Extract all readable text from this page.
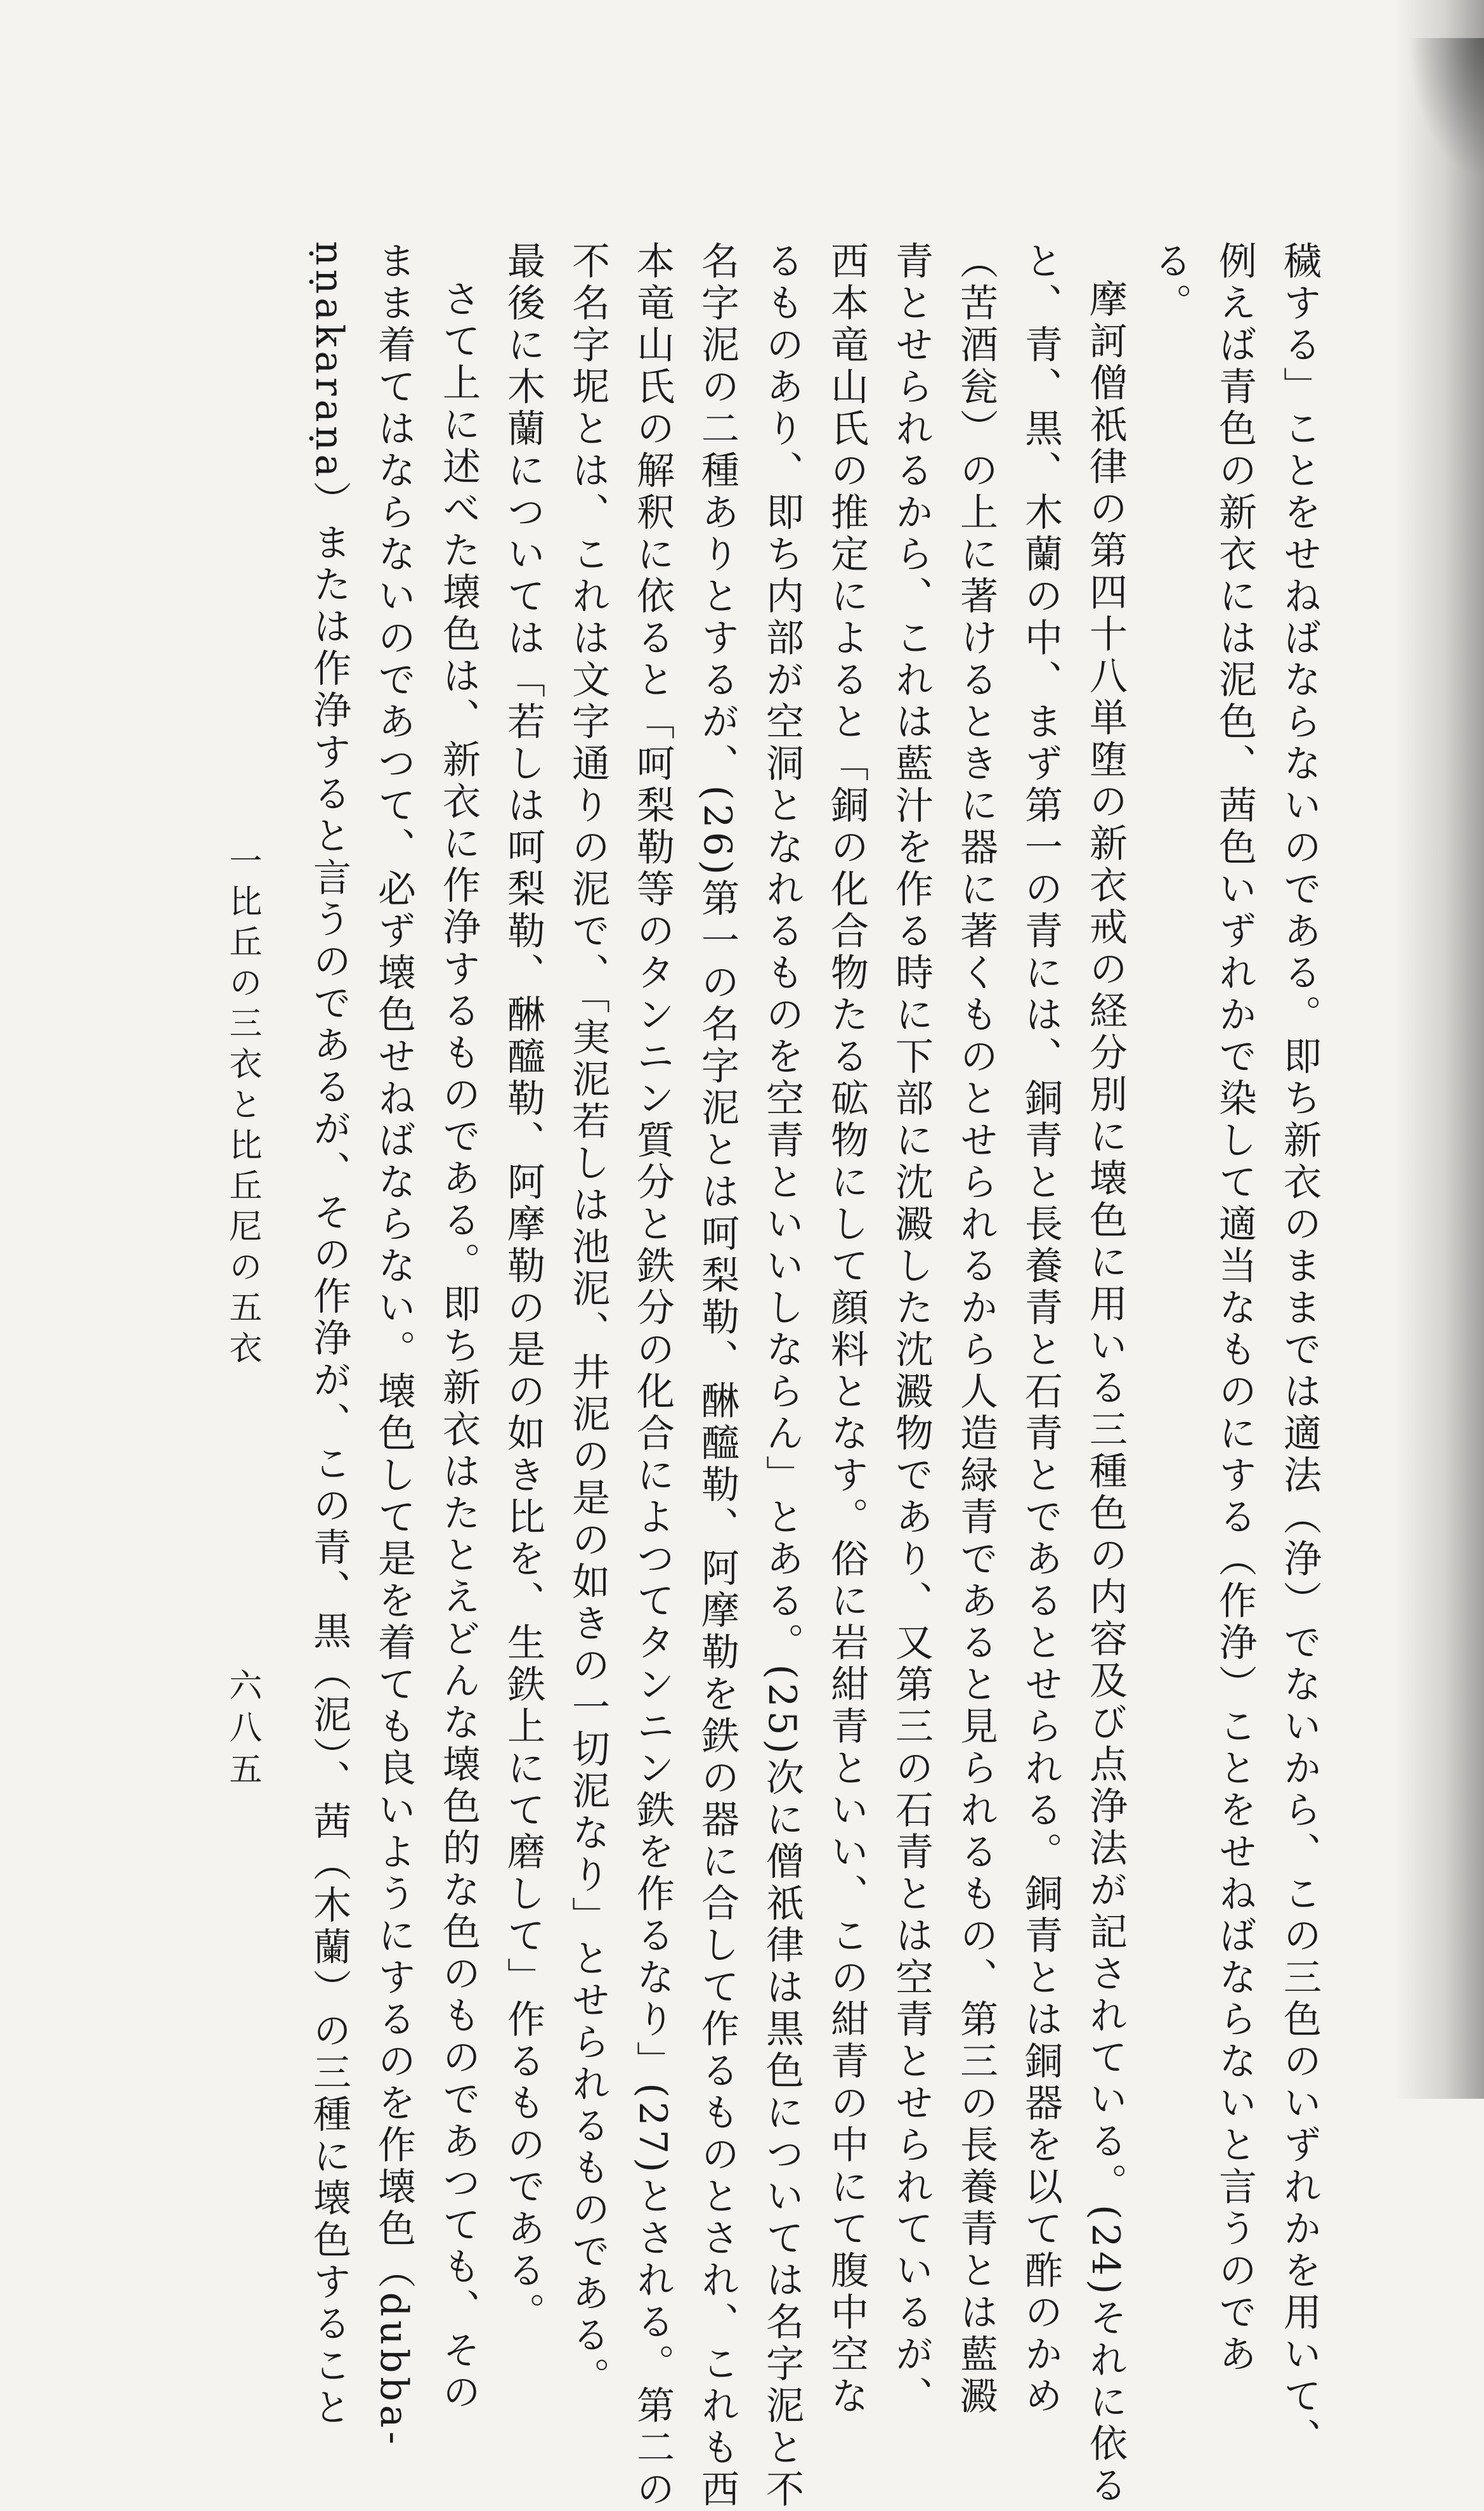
穢する」ことをせねばならないのである。即ち新衣のままでは適法（浄）でないから、この三色のいずれかを用いて、

例えば青色の新衣には泥色、茜色いずれかで染して適当なものにする（作浄）ことをせねばならないと言うのであ

る。

摩訶僧祇律の第四十八単堕の新衣戒の経分別に壊色に用いる三種色の内容及び点浄法が記されている。(24)それに依る

と、青、黒、木蘭の中、まず第一の青には、銅青と長養青と石青とであるとせられる。銅青とは銅器を以て酢のかめ

（苦酒瓮）の上に著けるときに器に著くものとせられるから人造緑青であると見られるもの、第三の長養青とは藍澱

青とせられるから、これは藍汁を作る時に下部に沈澱した沈澱物であり、又第三の石青とは空青とせられているが、

西本竜山氏の推定によると「銅の化合物たる砿物にして顔料となす。俗に岩紺青といい、この紺青の中にて腹中空な

るものあり、即ち内部が空洞となれるものを空青といいしならん」とある。(25)次に僧祇律は黒色については名字泥と不

名字泥の二種ありとするが、(26)第一の名字泥とは呵梨勒、醂醯勒、阿摩勒を鉄の器に合して作るものとされ、これも西

本竜山氏の解釈に依ると「呵梨勒等のタンニン質分と鉄分の化合によつてタンニン鉄を作るなり」(27)とされる。第二の

不名字坭とは、これは文字通りの泥で、「実泥若しは池泥、井泥の是の如きの一切泥なり」とせられるものである。

最後に木蘭については「若しは呵梨勒、醂醯勒、阿摩勒の是の如き比を、生鉄上にて磨して」作るものである。

さて上に述べた壊色は、新衣に作浄するものである。即ち新衣はたとえどんな壊色的な色のものであつても、その

まま着てはならないのであつて、必ず壊色せねばならない。壊色して是を着ても良いようにするのを作壊色（dubba-

ṇṇakaraṇa）または作浄すると言うのであるが、その作浄が、この青、黒（泥）、茜（木蘭）の三種に壊色すること

一比丘の三衣と比丘尼の五衣
六八五
